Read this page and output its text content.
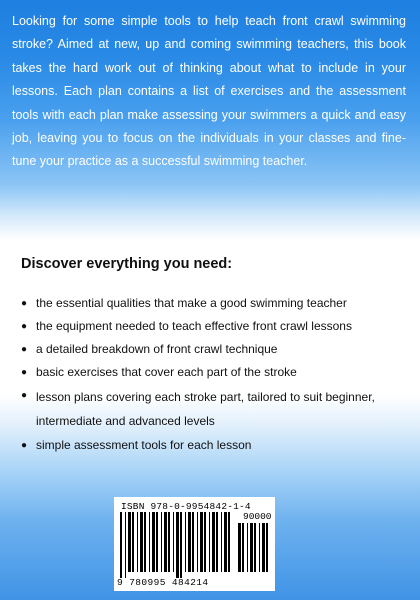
Looking for some simple tools to help teach front crawl swimming stroke? Aimed at new, up and coming swimming teachers, this book takes the hard work out of thinking about what to include in your lessons. Each plan contains a list of exercises and the assessment tools with each plan make assessing your swimmers a quick and easy job, leaving you to focus on the individuals in your classes and fine-tune your practice as a successful swimming teacher.

Discover everything you need:
● the essential qualities that make a good swimming teacher
● the equipment needed to teach effective front crawl lessons
● a detailed breakdown of front crawl technique
● basic exercises that cover each part of the stroke
● lesson plans covering each stroke part, tailored to suit beginner, intermediate and advanced levels
● simple assessment tools for each lesson
ISBN 978-0-9954842-1-4
90000
9 780995 484214
